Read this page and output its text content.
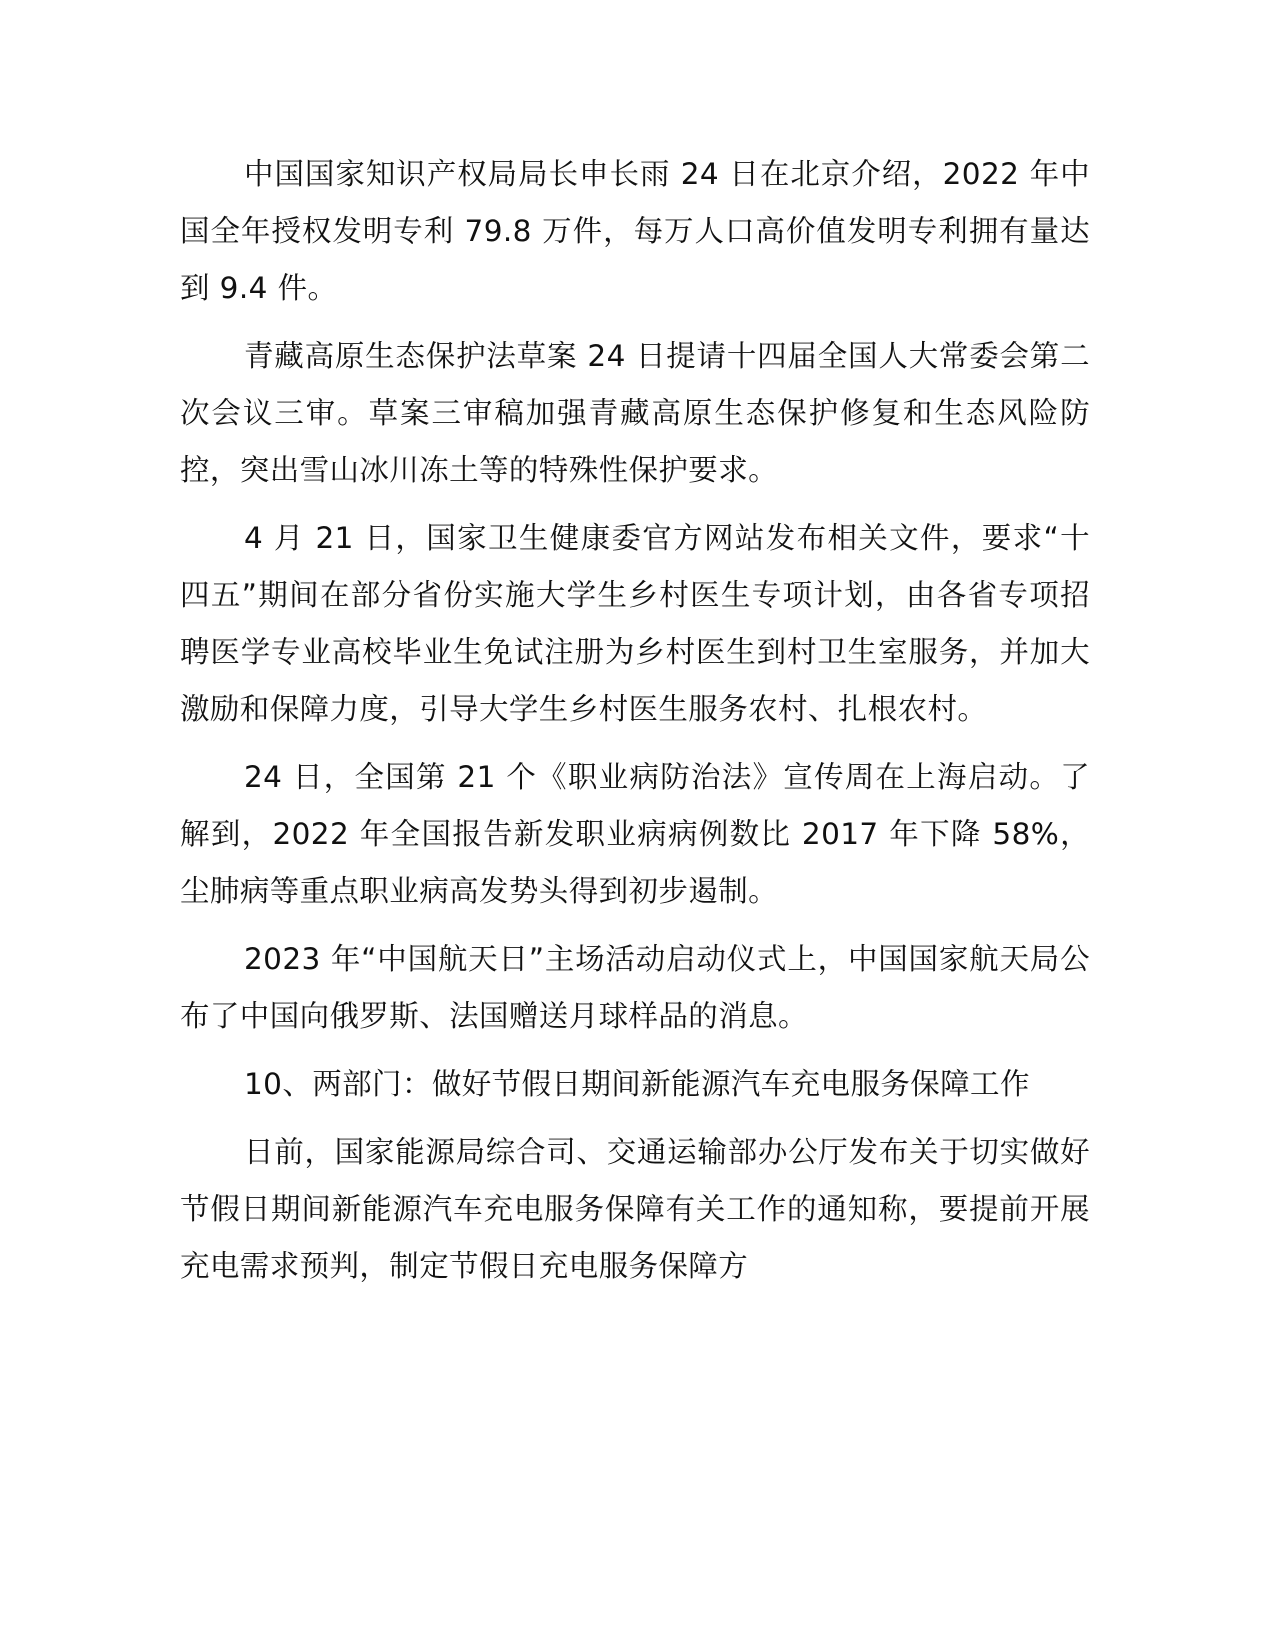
中国国家知识产权局局长申长雨 24 日在北京介绍，2022 年中国全年授权发明专利 79.8 万件，每万人口高价值发明专利拥有量达到 9.4 件。

青藏高原生态保护法草案 24 日提请十四届全国人大常委会第二次会议三审。草案三审稿加强青藏高原生态保护修复和生态风险防控，突出雪山冰川冻土等的特殊性保护要求。

4 月 21 日，国家卫生健康委官方网站发布相关文件，要求“十四五”期间在部分省份实施大学生乡村医生专项计划，由各省专项招聘医学专业高校毕业生免试注册为乡村医生到村卫生室服务，并加大激励和保障力度，引导大学生乡村医生服务农村、扎根农村。

24 日，全国第 21 个《职业病防治法》宣传周在上海启动。了解到，2022 年全国报告新发职业病病例数比 2017 年下降 58%，尘肺病等重点职业病高发势头得到初步遏制。

2023 年“中国航天日”主场活动启动仪式上，中国国家航天局公布了中国向俄罗斯、法国赠送月球样品的消息。

10、两部门：做好节假日期间新能源汽车充电服务保障工作

日前，国家能源局综合司、交通运输部办公厅发布关于切实做好节假日期间新能源汽车充电服务保障有关工作的通知称，要提前开展充电需求预判，制定节假日充电服务保障方
